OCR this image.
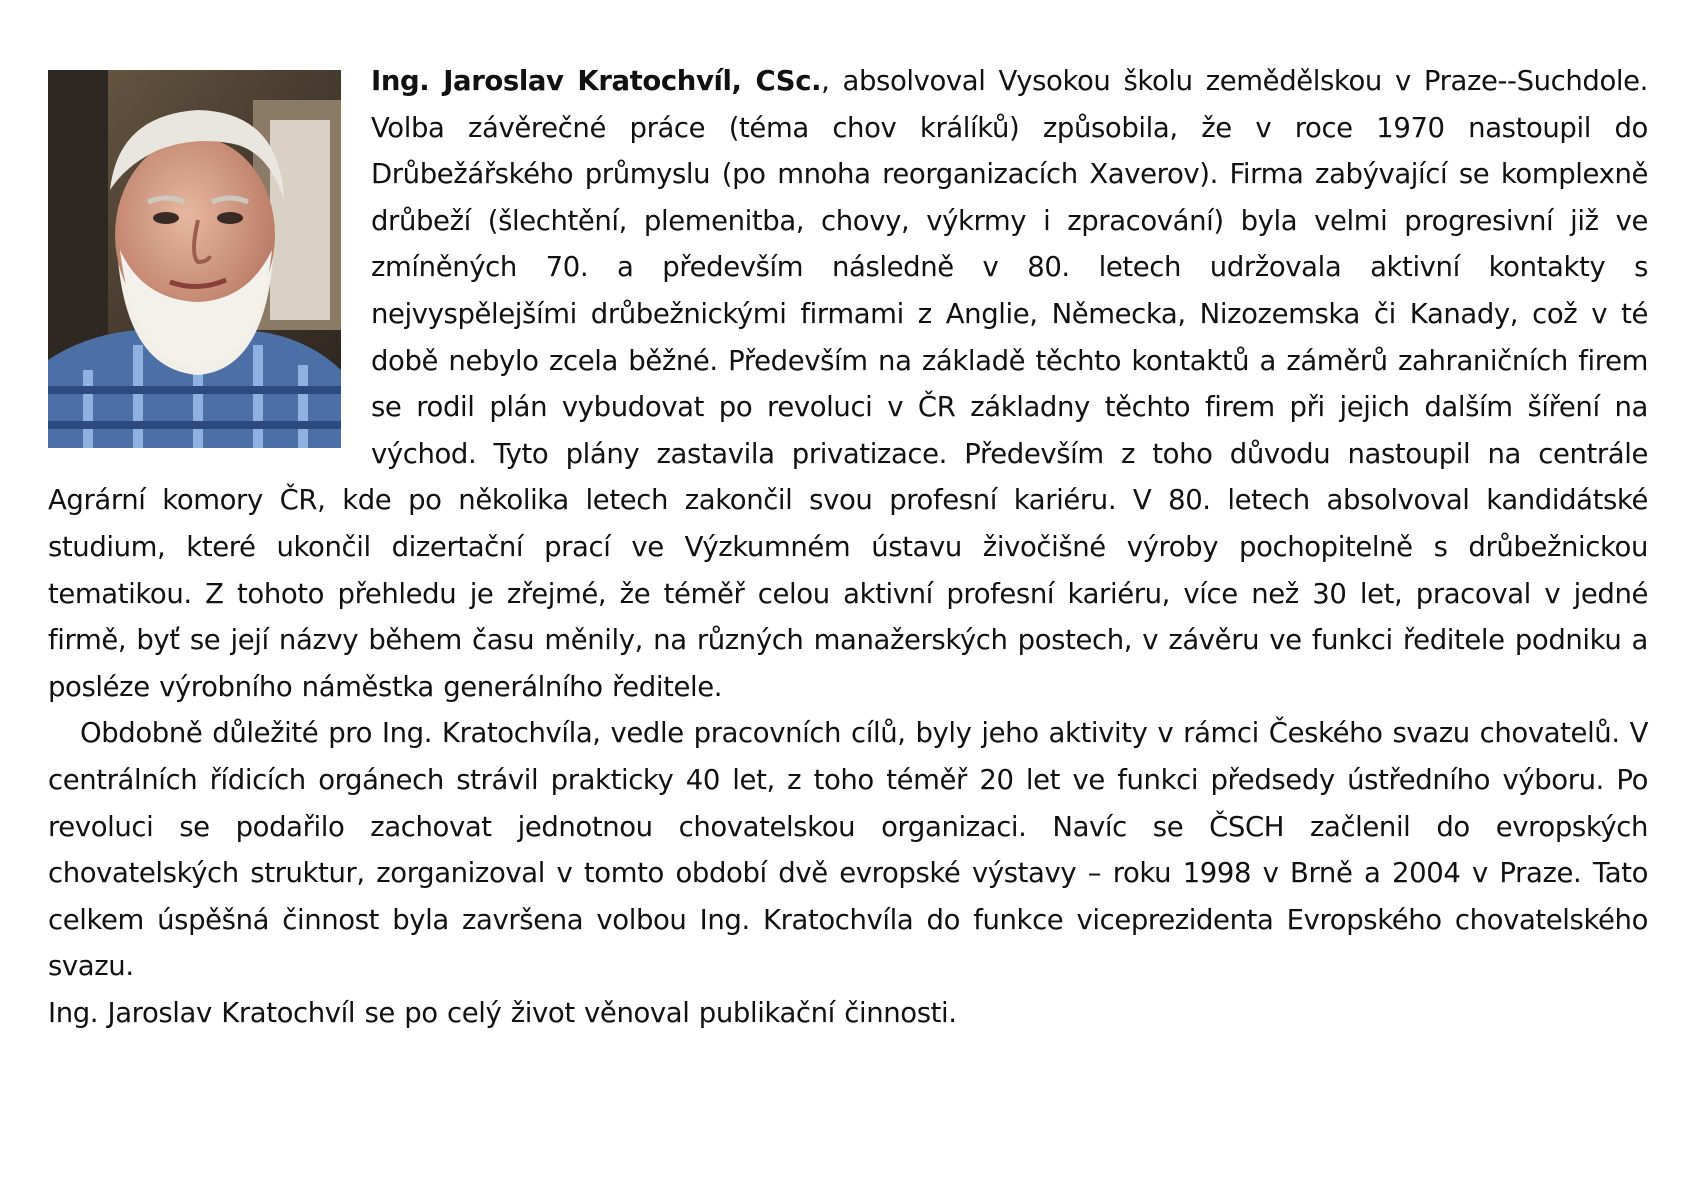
Ing. Jaroslav Kratochvíl, CSc., absolvoval Vysokou školu zemědělskou v Praze--Suchdole. Volba závěrečné práce (téma chov králíků) způsobila, že v roce 1970 nastoupil do Drůbežářského průmyslu (po mnoha reorganizacích Xaverov). Firma zabývající se komplexně drůbeží (šlechtění, plemenitba, chovy, výkrmy i zpracování) byla velmi progresivní již ve zmíněných 70. a především následně v 80. letech udržovala aktivní kontakty s nejvyspělejšími drůbežnickými firmami z Anglie, Německa, Nizozemska či Kanady, což v té době nebylo zcela běžné. Především na základě těchto kontaktů a záměrů zahraničních firem se rodil plán vybudovat po revoluci v ČR základny těchto firem při jejich dalším šíření na východ. Tyto plány zastavila privatizace. Především z toho důvodu nastoupil na centrále Agrární komory ČR, kde po několika letech zakončil svou profesní kariéru. V 80. letech absolvoval kandidátské studium, které ukončil dizertační prací ve Výzkumném ústavu živočišné výroby pochopitelně s drůbežnickou tematikou. Z tohoto přehledu je zřejmé, že téměř celou aktivní profesní kariéru, více než 30 let, pracoval v jedné firmě, byť se její názvy během času měnily, na různých manažerských postech, v závěru ve funkci ředitele podniku a posléze výrobního náměstka generálního ředitele.

Obdobně důležité pro Ing. Kratochvíla, vedle pracovních cílů, byly jeho aktivity v rámci Českého svazu chovatelů. V centrálních řídicích orgánech strávil prakticky 40 let, z toho téměř 20 let ve funkci předsedy ústředního výboru. Po revoluci se podařilo zachovat jednotnou chovatelskou organizaci. Navíc se ČSCH začlenil do evropských chovatelských struktur, zorganizoval v tomto období dvě evropské výstavy – roku 1998 v Brně a 2004 v Praze. Tato celkem úspěšná činnost byla završena volbou Ing. Kratochvíla do funkce viceprezidenta Evropského chovatelského svazu.

Ing. Jaroslav Kratochvíl se po celý život věnoval publikační činnosti.
